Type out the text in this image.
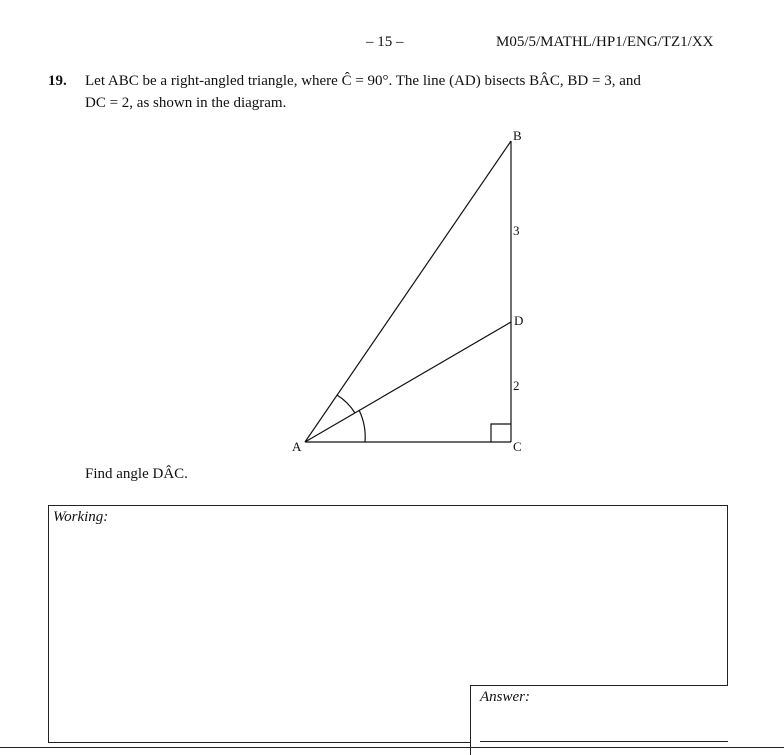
– 15 –	M05/5/MATHL/HP1/ENG/TZ1/XX
19. Let ABC be a right-angled triangle, where Ĉ = 90°. The line (AD) bisects BÂC, BD = 3, and
DC = 2, as shown in the diagram.
B
A	C
D
3
2
Find angle DÂC.
Working:
Answer:
